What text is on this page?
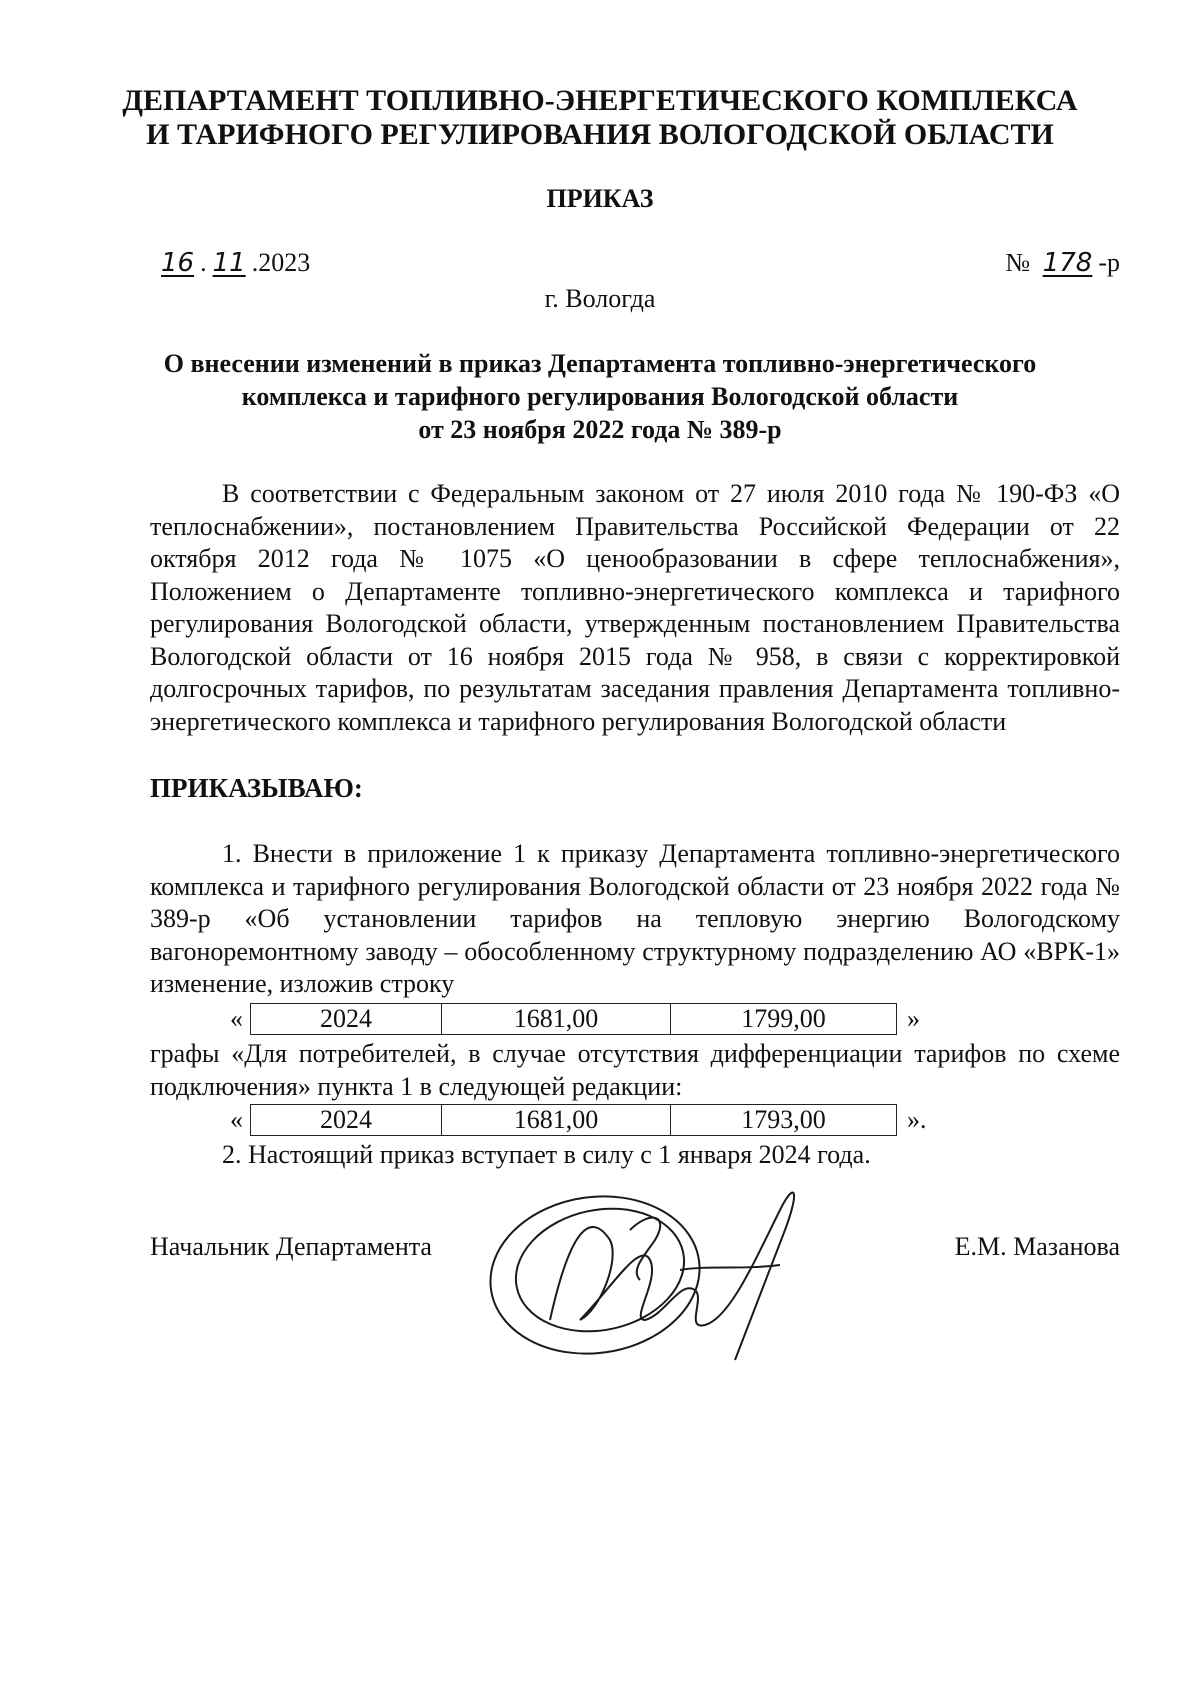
ДЕПАРТАМЕНТ ТОПЛИВНО-ЭНЕРГЕТИЧЕСКОГО КОМПЛЕКСА
И ТАРИФНОГО РЕГУЛИРОВАНИЯ ВОЛОГОДСКОЙ ОБЛАСТИ
ПРИКАЗ
16 . 11 .2023	№ 178 -р
г. Вологда
О внесении изменений в приказ Департамента топливно-энергетического
комплекса и тарифного регулирования Вологодской области
от 23 ноября 2022 года № 389-р
В соответствии с Федеральным законом от 27 июля 2010 года № 190-ФЗ «О теплоснабжении», постановлением Правительства Российской Федерации от 22 октября 2012 года № 1075 «О ценообразовании в сфере теплоснабжения», Положением о Департаменте топливно-энергетического комплекса и тарифного регулирования Вологодской области, утвержденным постановлением Правительства Вологодской области от 16 ноября 2015 года № 958, в связи с корректировкой долгосрочных тарифов, по результатам заседания правления Департамента топливно-энергетического комплекса и тарифного регулирования Вологодской области
ПРИКАЗЫВАЮ:
1. Внести в приложение 1 к приказу Департамента топливно-энергетического комплекса и тарифного регулирования Вологодской области от 23 ноября 2022 года № 389-р «Об установлении тарифов на тепловую энергию Вологодскому вагоноремонтному заводу – обособленному структурному подразделению АО «ВРК-1» изменение, изложив строку
«	2024	1681,00	1799,00	»
графы «Для потребителей, в случае отсутствия дифференциации тарифов по схеме подключения» пункта 1 в следующей редакции:
«	2024	1681,00	1793,00	».
2. Настоящий приказ вступает в силу с 1 января 2024 года.
Начальник Департамента	Е.М. Мазанова
